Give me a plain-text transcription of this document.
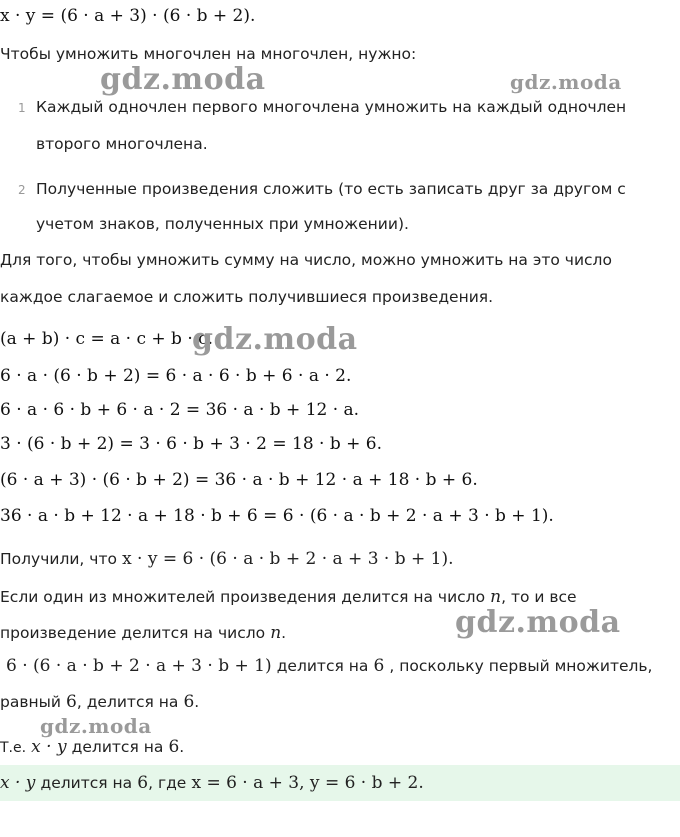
x · y = (6 · a + 3) · (6 · b + 2).
Чтобы умножить многочлен на многочлен, нужно:
1 Каждый одночлен первого многочлена умножить на каждый одночлен
второго многочлена.
2 Полученные произведения сложить (то есть записать друг за другом с
учетом знаков, полученных при умножении).
Для того, чтобы умножить сумму на число, можно умножить на это число
каждое слагаемое и сложить получившиеся произведения.
(a + b) · c = a · c + b · c.
6 · a · (6 · b + 2) = 6 · a · 6 · b + 6 · a · 2.
6 · a · 6 · b + 6 · a · 2 = 36 · a · b + 12 · a.
3 · (6 · b + 2) = 3 · 6 · b + 3 · 2 = 18 · b + 6.
(6 · a + 3) · (6 · b + 2) = 36 · a · b + 12 · a + 18 · b + 6.
36 · a · b + 12 · a + 18 · b + 6 = 6 · (6 · a · b + 2 · a + 3 · b + 1).
Получили, что x · y = 6 · (6 · a · b + 2 · a + 3 · b + 1).
Если один из множителей произведения делится на число n, то и все
произведение делится на число n.
6 · (6 · a · b + 2 · a + 3 · b + 1) делится на 6 , поскольку первый множитель,
равный 6, делится на 6.
Т.е. x · y делится на 6.
x · y делится на 6, где x = 6 · a + 3, y = 6 · b + 2.
gdz.moda	gdz.moda
gdz.moda
gdz.moda
gdz.moda
